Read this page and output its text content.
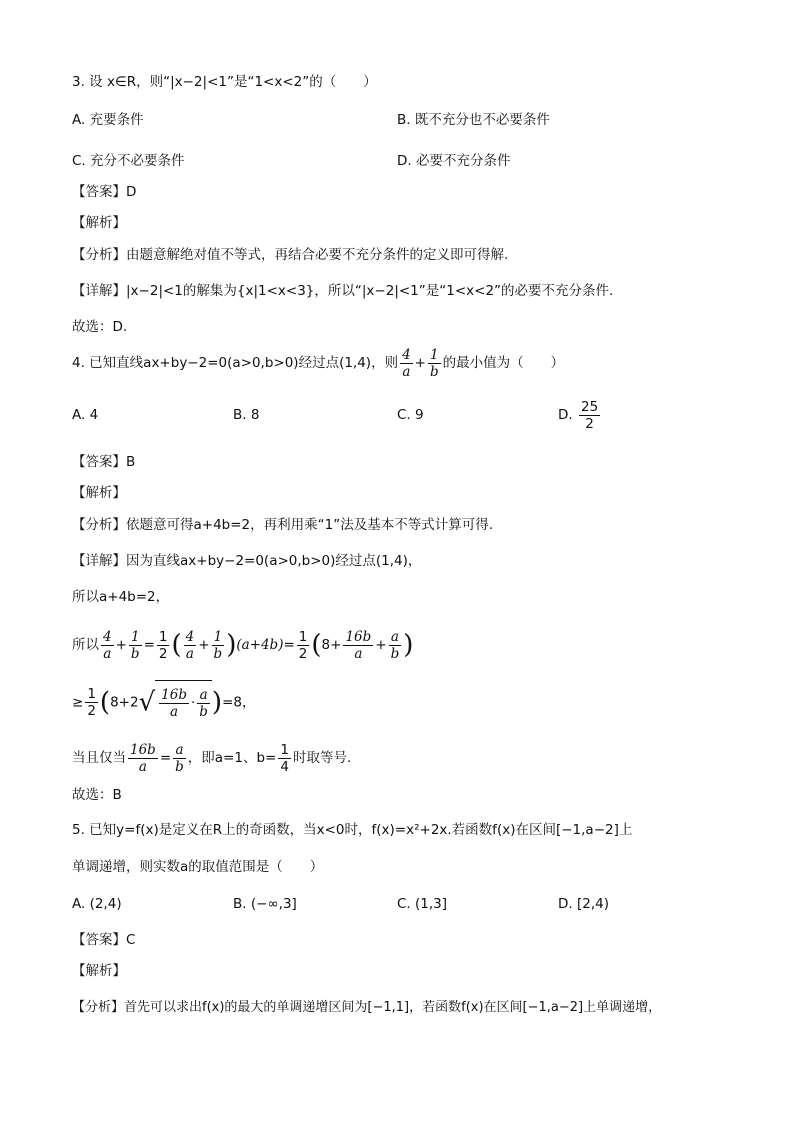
3. 设 x∈R，则“|x−2|<1”是“1<x<2”的（　　）
A. 充要条件	B. 既不充分也不必要条件
C. 充分不必要条件	D. 必要不充分条件
【答案】D
【解析】
【分析】由题意解绝对值不等式，再结合必要不充分条件的定义即可得解.
【详解】|x−2|<1的解集为{x|1<x<3}，所以“|x−2|<1”是“1<x<2”的必要不充分条件.
故选：D.
4. 已知直线ax+by−2=0(a>0,b>0)经过点(1,4)，则 $\frac{4}{a} + \frac{1}{b}$ 的最小值为（　　）
A. 4	B. 8	C. 9	D. $\frac{25}{2}$
【答案】B
【解析】
【分析】依题意可得a+4b=2，再利用乘“1”法及基本不等式计算可得.
【详解】因为直线ax+by−2=0(a>0,b>0)经过点(1,4)，
所以a+4b=2，
所以 $\frac{4}{a} + \frac{1}{b} = \frac{1}{2}$ ( $\frac{4}{a} + \frac{1}{b} )(a+4b)= \frac{1}{2} (8+ \frac{16b}{a} + \frac{a}{b}$ )
≥ $\frac{1}{2} (8+2√ \frac{16b}{a} \cdot \frac{a}{b} )=8$，
当且仅当 $\frac{16b}{a} = \frac{a}{b}$ ，即a=1、$b= \frac{1}{4}$ 时取等号.
故选：B
5. 已知y=f(x)是定义在R上的奇函数，当x<0时，f(x)=x²+2x.若函数f(x)在区间[−1,a−2]上
单调递增，则实数a的取值范围是（　　）
A. (2,4)	B. (−∞,3]	C. (1,3]	D. [2,4)
【答案】C
【解析】
【分析】首先可以求出f(x)的最大的单调递增区间为[−1,1]，若函数f(x)在区间[−1,a−2]上单调递增，
